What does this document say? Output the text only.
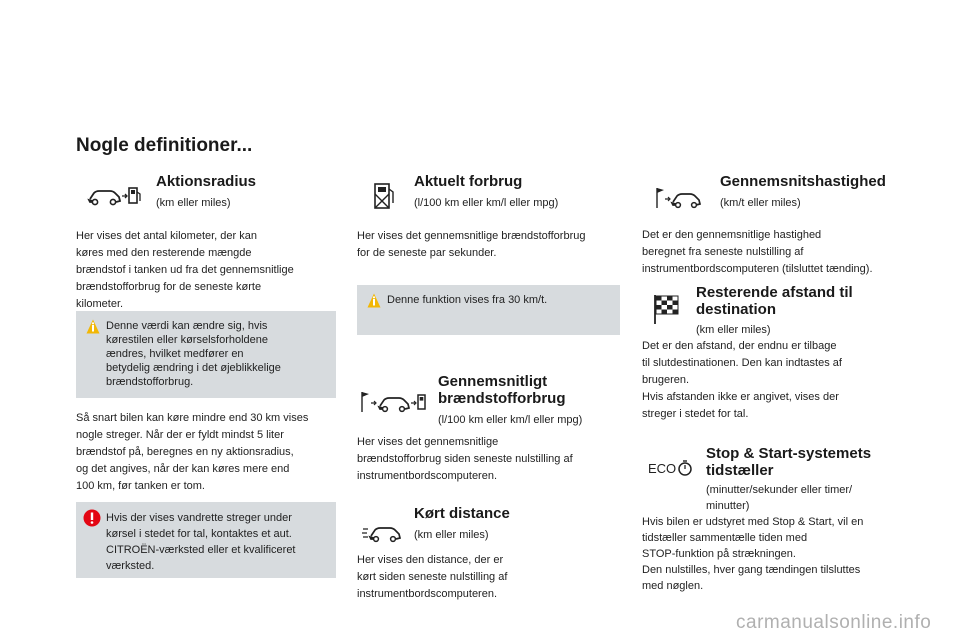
Nogle definitioner...
Aktionsradius
(km eller miles)
Her vises det antal kilometer, der kan
køres med den resterende mængde
brændstof i tanken ud fra det gennemsnitlige
brændstofforbrug for de seneste kørte
kilometer.
Denne værdi kan ændre sig, hvis
kørestilen eller kørselsforholdene
ændres, hvilket medfører en
betydelig ændring i det øjeblikkelige
brændstofforbrug.
Så snart bilen kan køre mindre end 30 km vises
nogle streger. Når der er fyldt mindst 5 liter
brændstof på, beregnes en ny aktionsradius,
og det angives, når der kan køres mere end
100 km, før tanken er tom.
Hvis der vises vandrette streger under
kørsel i stedet for tal, kontaktes et aut.
CITROËN-værksted eller et kvalificeret
værksted.
Aktuelt forbrug
(l/100 km eller km/l eller mpg)
Her vises det gennemsnitlige brændstofforbrug
for de seneste par sekunder.
Denne funktion vises fra 30 km/t.
Gennemsnitligt
brændstofforbrug
(l/100 km eller km/l eller mpg)
Her vises det gennemsnitlige
brændstofforbrug siden seneste nulstilling af
instrumentbordscomputeren.
Kørt distance
(km eller miles)
Her vises den distance, der er
kørt siden seneste nulstilling af
instrumentbordscomputeren.
Gennemsnitshastighed
(km/t eller miles)
Det er den gennemsnitlige hastighed
beregnet fra seneste nulstilling af
instrumentbordscomputeren (tilsluttet tænding).
Resterende afstand til
destination
(km eller miles)
Det er den afstand, der endnu er tilbage
til slutdestinationen. Den kan indtastes af
brugeren.
Hvis afstanden ikke er angivet, vises der
streger i stedet for tal.
ECO
Stop & Start-systemets
tidstæller
(minutter/sekunder eller timer/
minutter)
Hvis bilen er udstyret med Stop & Start, vil en
tidstæller sammentælle tiden med
STOP-funktion på strækningen.
Den nulstilles, hver gang tændingen tilsluttes
med nøglen.
carmanualsonline.info
